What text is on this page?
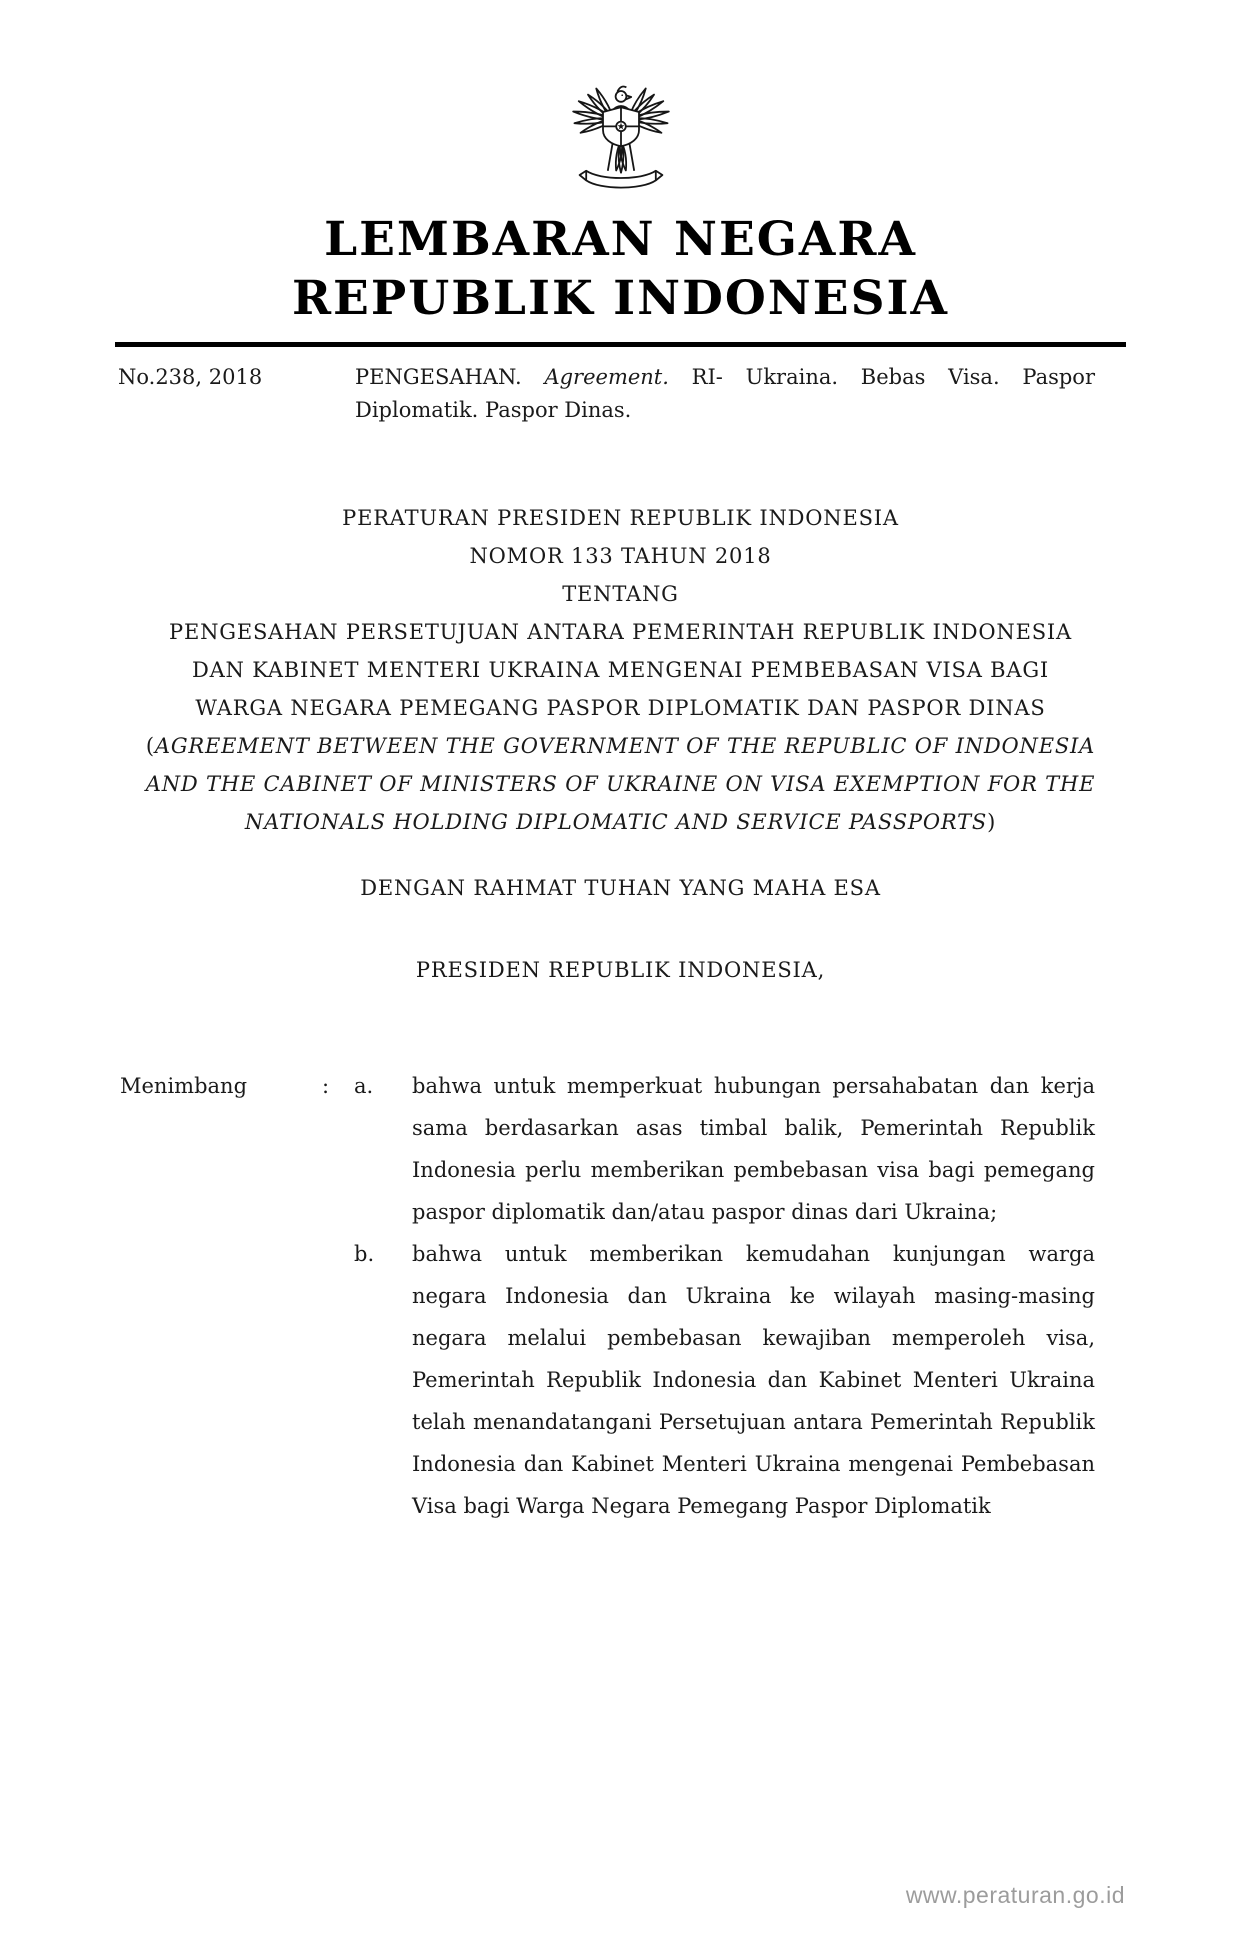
LEMBARAN NEGARA
REPUBLIK INDONESIA
No.238, 2018	PENGESAHAN. Agreement. RI- Ukraina. Bebas Visa. Paspor Diplomatik. Paspor Dinas.

PERATURAN PRESIDEN REPUBLIK INDONESIA

NOMOR 133 TAHUN 2018

TENTANG

PENGESAHAN PERSETUJUAN ANTARA PEMERINTAH REPUBLIK INDONESIA DAN KABINET MENTERI UKRAINA MENGENAI PEMBEBASAN VISA BAGI WARGA NEGARA PEMEGANG PASPOR DIPLOMATIK DAN PASPOR DINAS (AGREEMENT BETWEEN THE GOVERNMENT OF THE REPUBLIC OF INDONESIA AND THE CABINET OF MINISTERS OF UKRAINE ON VISA EXEMPTION FOR THE NATIONALS HOLDING DIPLOMATIC AND SERVICE PASSPORTS)

DENGAN RAHMAT TUHAN YANG MAHA ESA

PRESIDEN REPUBLIK INDONESIA,

Menimbang	:	a.	bahwa untuk memperkuat hubungan persahabatan dan kerja sama berdasarkan asas timbal balik, Pemerintah Republik Indonesia perlu memberikan pembebasan visa bagi pemegang paspor diplomatik dan/atau paspor dinas dari Ukraina;
b.	bahwa untuk memberikan kemudahan kunjungan warga negara Indonesia dan Ukraina ke wilayah masing-masing negara melalui pembebasan kewajiban memperoleh visa, Pemerintah Republik Indonesia dan Kabinet Menteri Ukraina telah menandatangani Persetujuan antara Pemerintah Republik Indonesia dan Kabinet Menteri Ukraina mengenai Pembebasan Visa bagi Warga Negara Pemegang Paspor Diplomatik
www.peraturan.go.id
